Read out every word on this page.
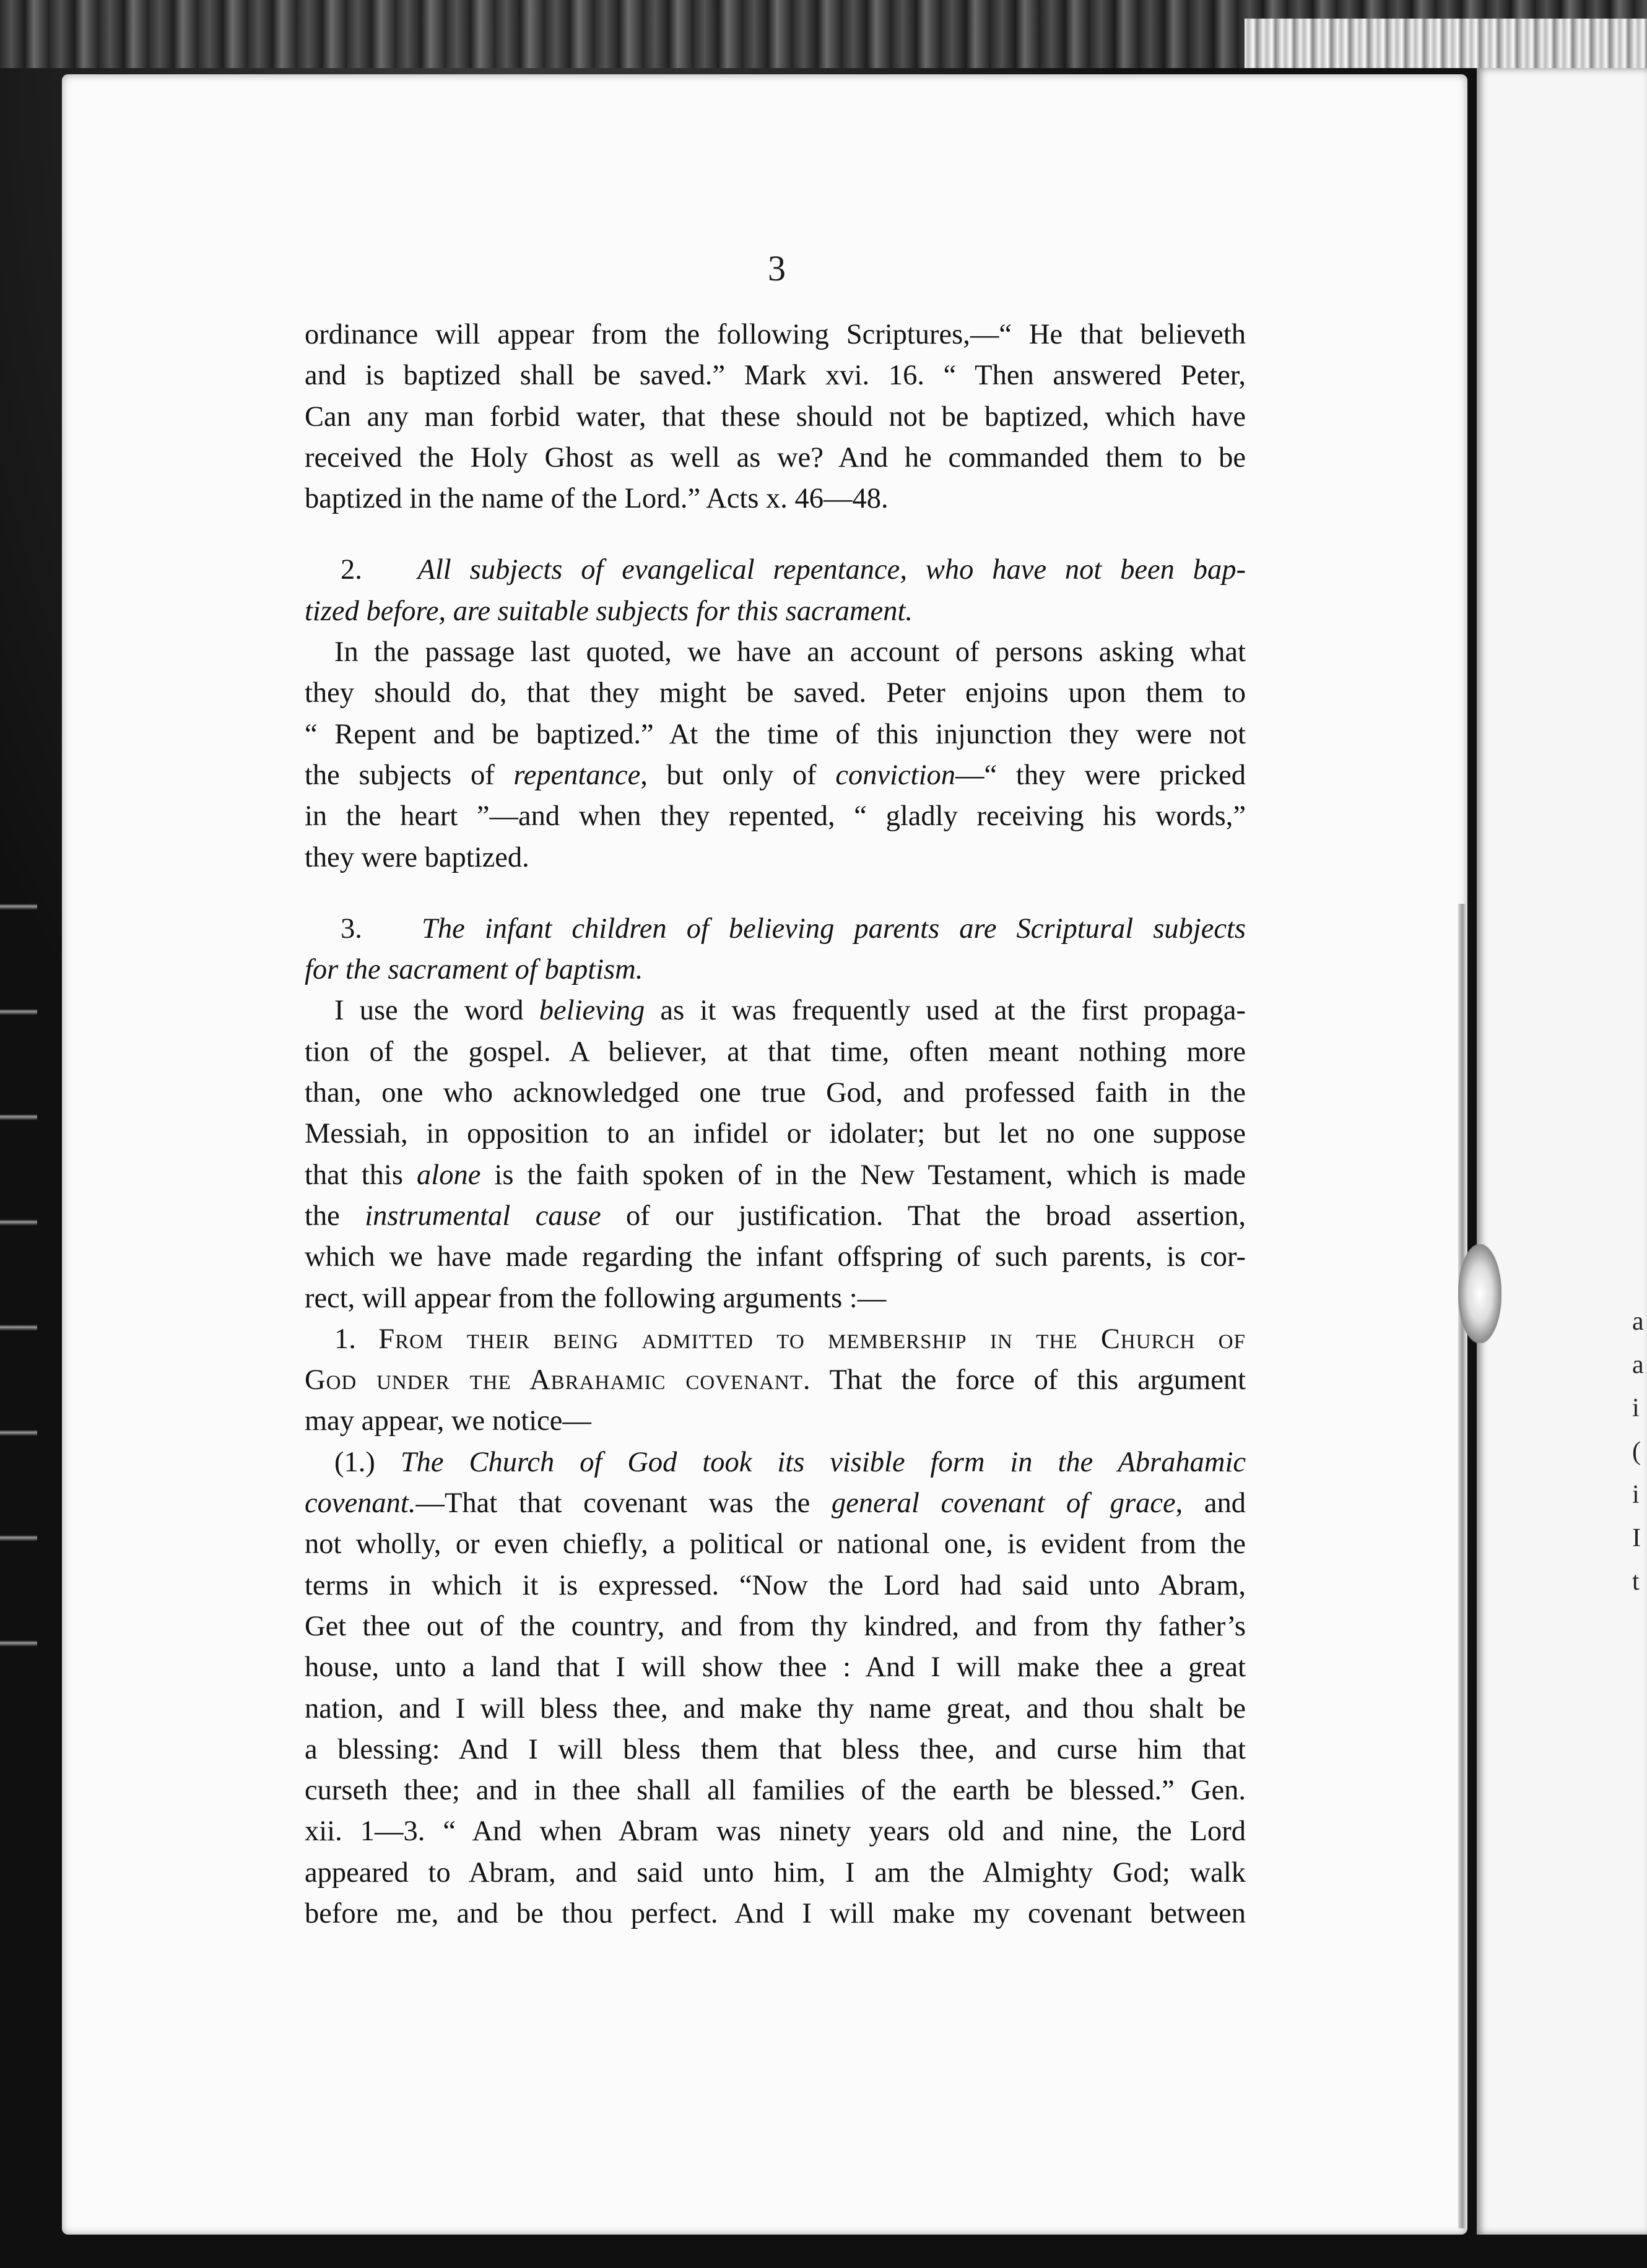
a
a
i
(
i
I
t
3
ordinance will appear from the following Scriptures,—“ He that believeth
and is baptized shall be saved.” Mark xvi. 16. “ Then answered Peter,
Can any man forbid water, that these should not be baptized, which have
received the Holy Ghost as well as we? And he commanded them to be
baptized in the name of the Lord.” Acts x. 46—48.
2. All subjects of evangelical repentance, who have not been bap-
tized before, are suitable subjects for this sacrament.
In the passage last quoted, we have an account of persons asking what
they should do, that they might be saved. Peter enjoins upon them to
“ Repent and be baptized.” At the time of this injunction they were not
the subjects of repentance, but only of conviction—“ they were pricked
in the heart ”—and when they repented, “ gladly receiving his words,”
they were baptized.
3. The infant children of believing parents are Scriptural subjects
for the sacrament of baptism.
I use the word believing as it was frequently used at the first propaga-
tion of the gospel. A believer, at that time, often meant nothing more
than, one who acknowledged one true God, and professed faith in the
Messiah, in opposition to an infidel or idolater; but let no one suppose
that this alone is the faith spoken of in the New Testament, which is made
the instrumental cause of our justification. That the broad assertion,
which we have made regarding the infant offspring of such parents, is cor-
rect, will appear from the following arguments :—
1. From their being admitted to membership in the Church of
God under the Abrahamic covenant. That the force of this argument
may appear, we notice—
(1.) The Church of God took its visible form in the Abrahamic
covenant.—That that covenant was the general covenant of grace, and
not wholly, or even chiefly, a political or national one, is evident from the
terms in which it is expressed. “Now the Lord had said unto Abram,
Get thee out of the country, and from thy kindred, and from thy father’s
house, unto a land that I will show thee : And I will make thee a great
nation, and I will bless thee, and make thy name great, and thou shalt be
a blessing: And I will bless them that bless thee, and curse him that
curseth thee; and in thee shall all families of the earth be blessed.” Gen.
xii. 1—3. “ And when Abram was ninety years old and nine, the Lord
appeared to Abram, and said unto him, I am the Almighty God; walk
before me, and be thou perfect. And I will make my covenant between
